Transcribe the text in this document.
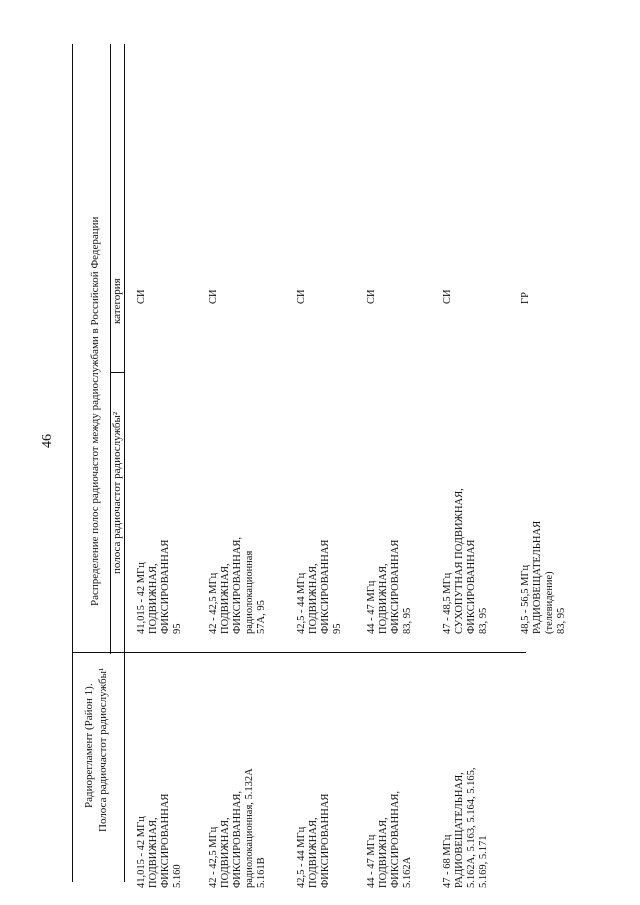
46
Радиорегламент (Район 1). Полоса радиочастот радиослужбы¹
Распределение полос радиочастот между радиослужбами в Российской Федерации полоса радиочастот радиослужбы²
категория
41,015 - 42 МГц ПОДВИЖНАЯ, ФИКСИРОВАННАЯ 5.160
41,015 - 42 МГц ПОДВИЖНАЯ, ФИКСИРОВАННАЯ 95
СИ
42 - 42,5 МГц ПОДВИЖНАЯ, ФИКСИРОВАННАЯ, радиолокационная, 5.132А 5.161В
42 - 42,5 МГц ПОДВИЖНАЯ, ФИКСИРОВАННАЯ, радиолокационная 57А, 95
СИ
42,5 - 44 МГц ПОДВИЖНАЯ, ФИКСИРОВАННАЯ
42,5 - 44 МГц ПОДВИЖНАЯ, ФИКСИРОВАННАЯ 95
СИ
44 - 47 МГц ПОДВИЖНАЯ, ФИКСИРОВАННАЯ, 5.162А
44 - 47 МГц ПОДВИЖНАЯ, ФИКСИРОВАННАЯ 83, 95
СИ
47 - 68 МГц РАДИОВЕЩАТЕЛЬНАЯ, 5.162А, 5.163, 5.164, 5.165, 5.169, 5.171
47 - 48,5 МГц СУХОПУТНАЯ ПОДВИЖНАЯ, ФИКСИРОВАННАЯ 83, 95
СИ
48,5 - 56,5 МГц РАДИОВЕЩАТЕЛЬНАЯ (телевидение) 83, 95
ГР
